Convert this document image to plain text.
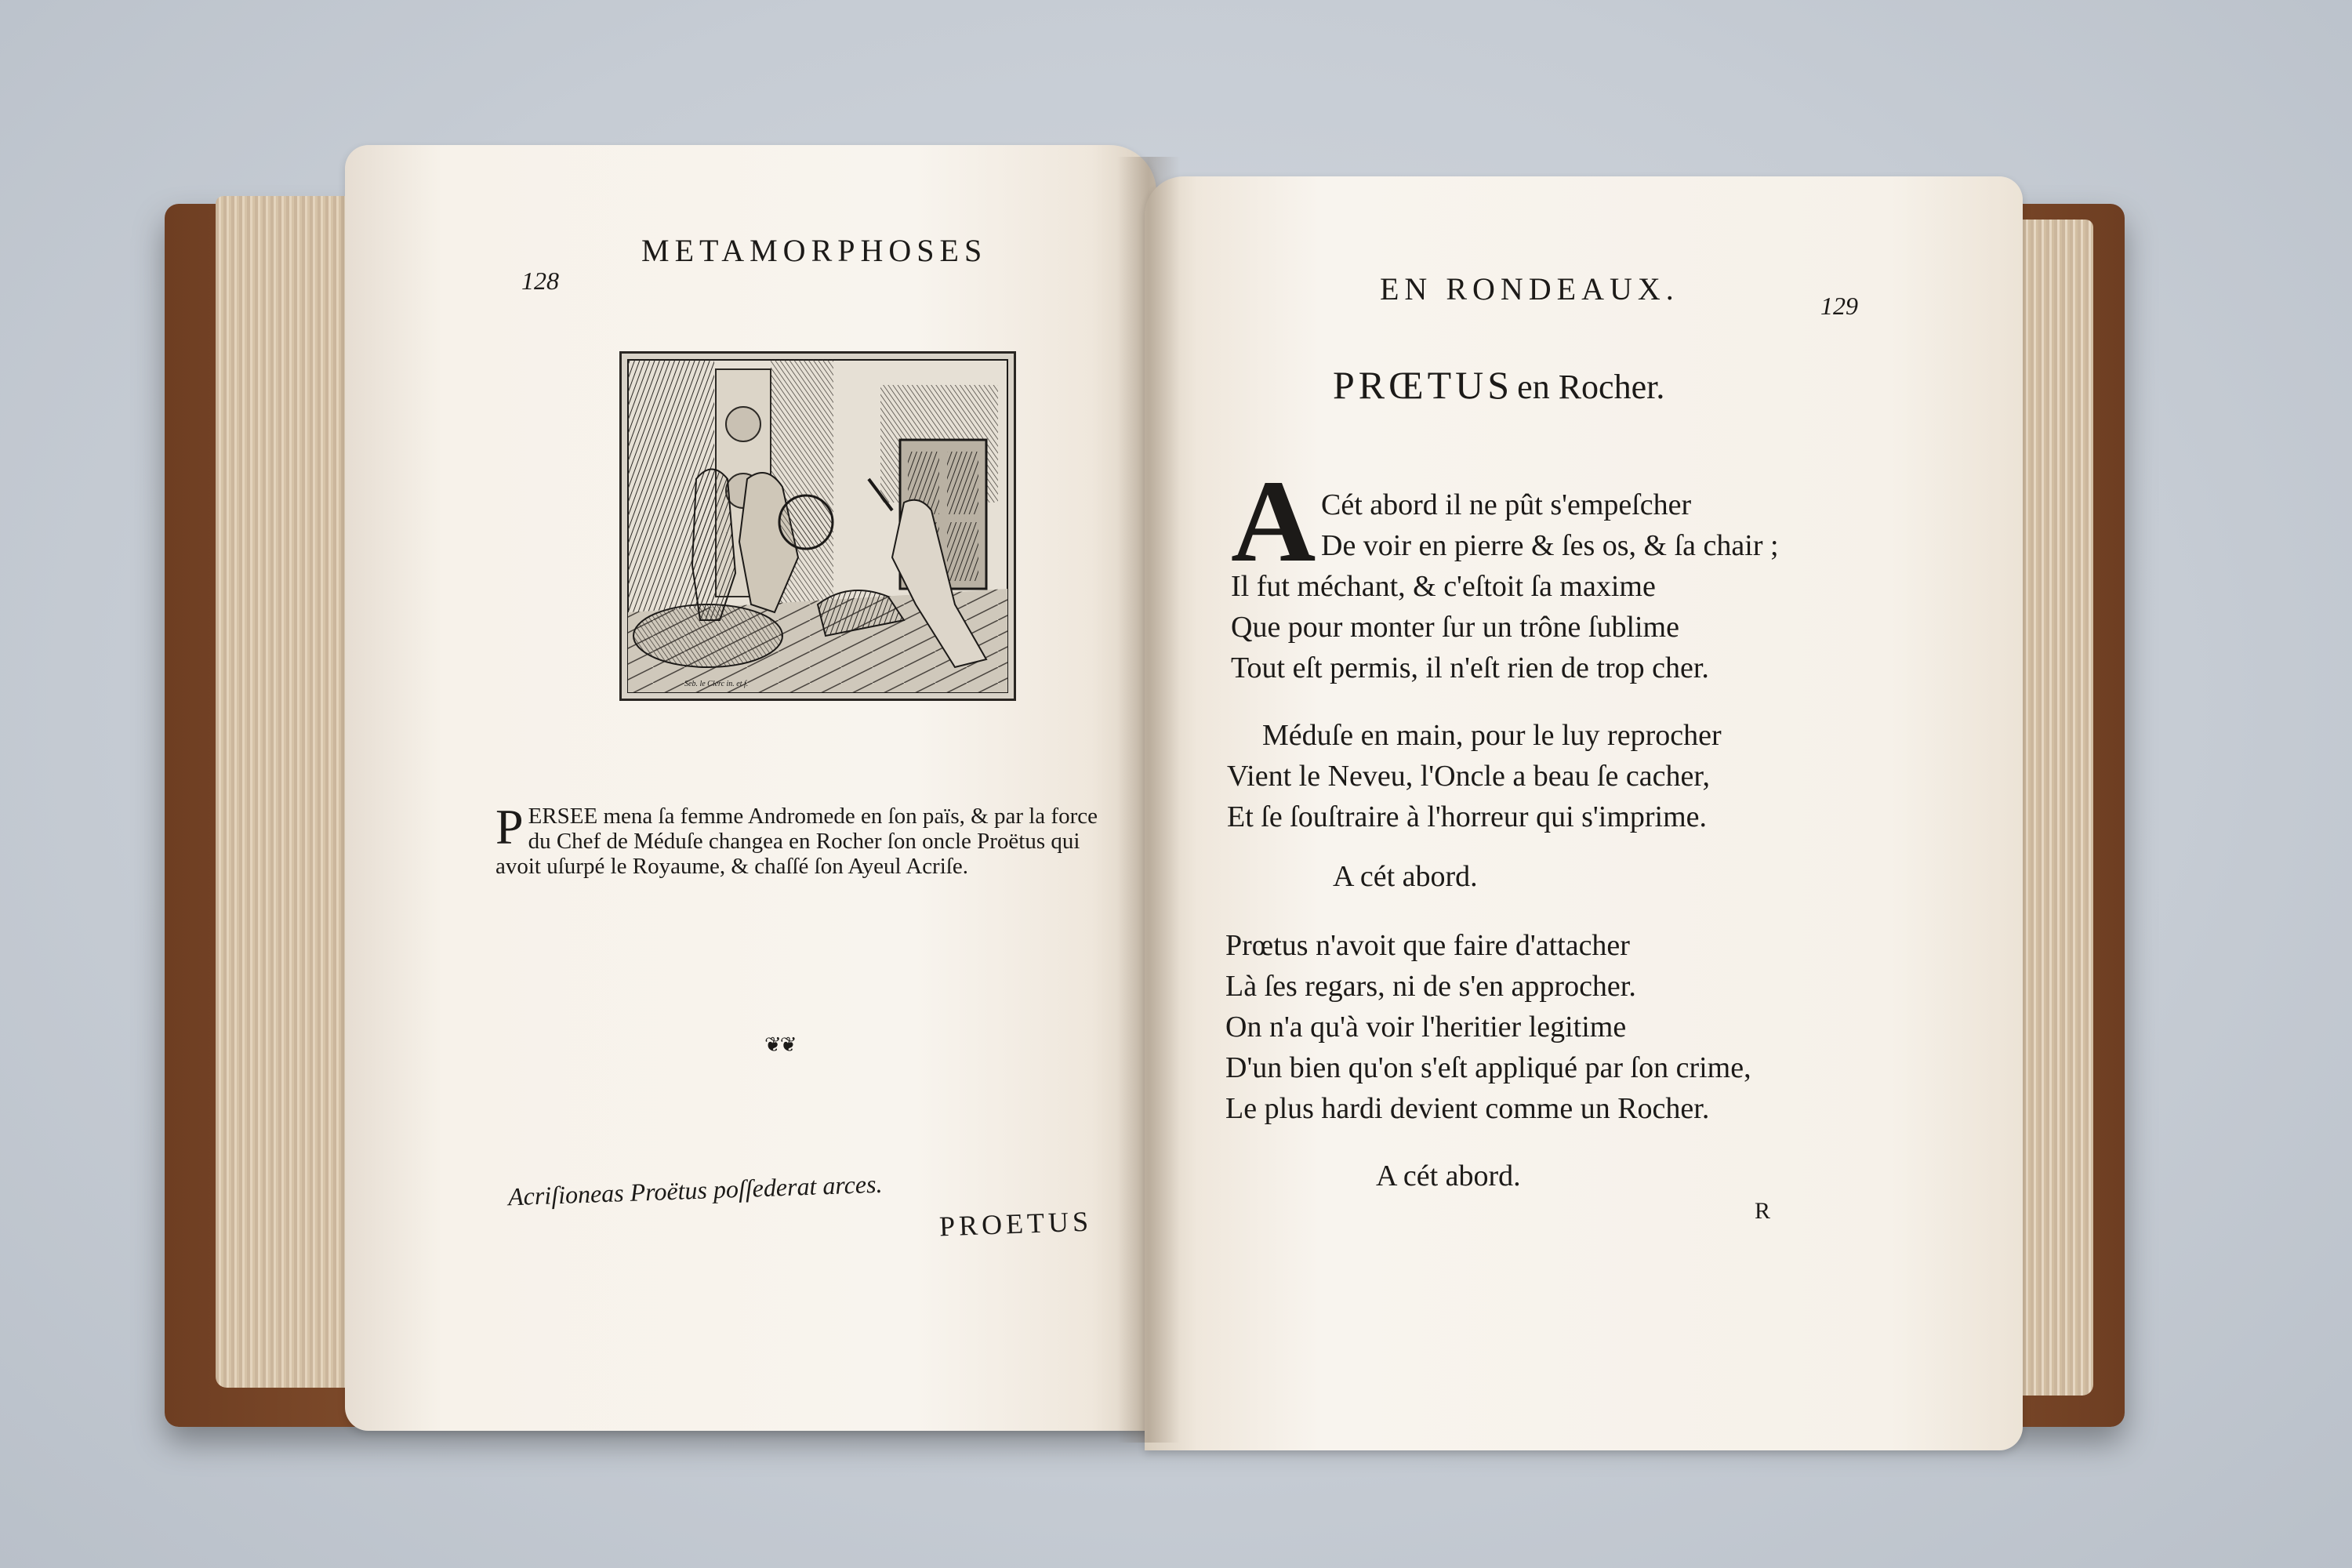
128
METAMORPHOSES
Seb. le Clerc in. et f.
P ERSEE mena ſa femme Andromede en ſon païs, & par la force du Chef de Méduſe changea en Rocher ſon oncle Proëtus qui avoit uſurpé le Royaume, & chaſſé ſon Ayeul Acriſe.
❦❦
Acriſioneas Proëtus poſſederat arces.
PROETUS
EN RONDEAUX.	129
PRŒTUS en Rocher.
A Cét abord il ne pût s'empeſcher
De voir en pierre & ſes os, & ſa chair ;
Il fut méchant, & c'eſtoit ſa maxime
Que pour monter ſur un trône ſublime
Tout eſt permis, il n'eſt rien de trop cher.
Méduſe en main, pour le luy reprocher
Vient le Neveu, l'Oncle a beau ſe cacher,
Et ſe ſouſtraire à l'horreur qui s'imprime.
A cét abord.
Prœtus n'avoit que faire d'attacher
Là ſes regars, ni de s'en approcher.
On n'a qu'à voir l'heritier legitime
D'un bien qu'on s'eſt appliqué par ſon crime,
Le plus hardi devient comme un Rocher.
A cét abord.
R
